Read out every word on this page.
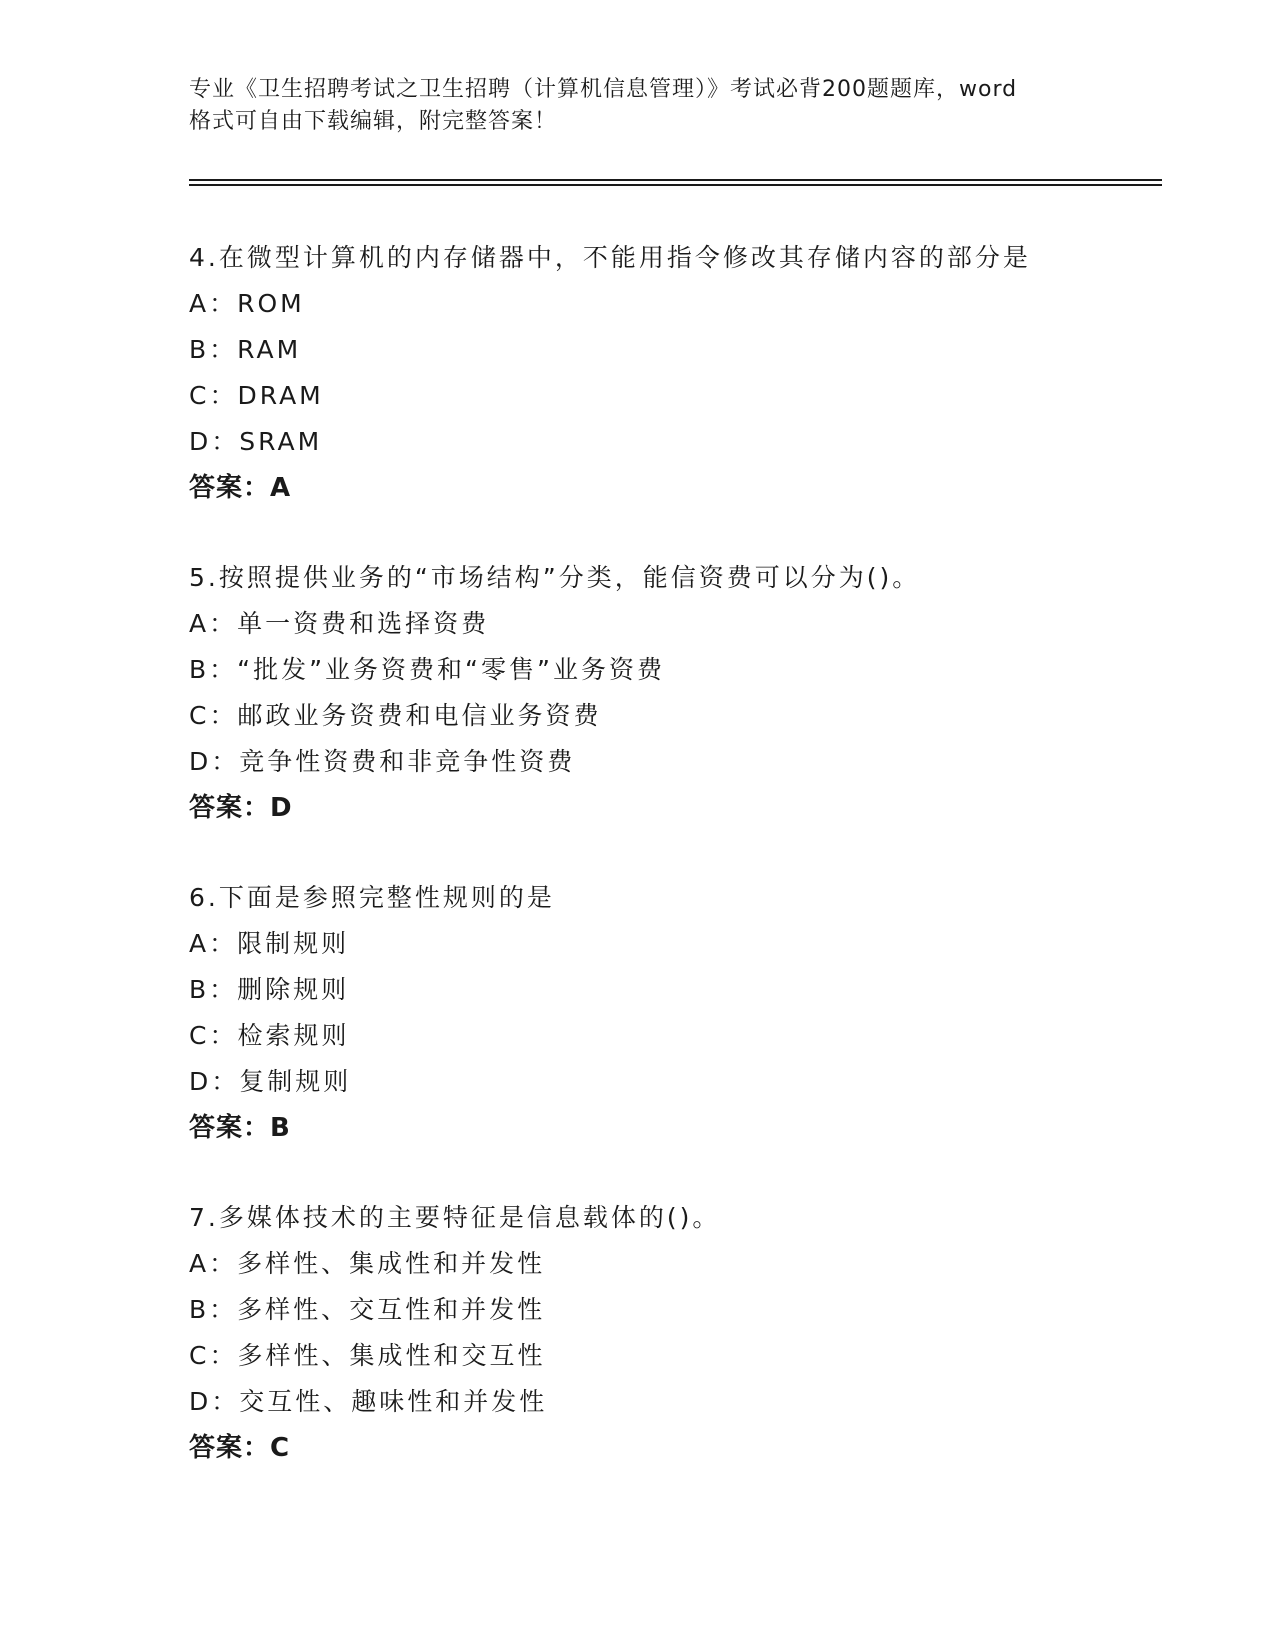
专业《卫生招聘考试之卫生招聘（计算机信息管理）》考试必背200题题库，word
格式可自由下载编辑，附完整答案！
4.在微型计算机的内存储器中，不能用指令修改其存储内容的部分是
A：ROM
B：RAM
C：DRAM
D：SRAM
答案：A
5.按照提供业务的“市场结构”分类，能信资费可以分为()。
A：单一资费和选择资费
B：“批发”业务资费和“零售”业务资费
C：邮政业务资费和电信业务资费
D：竞争性资费和非竞争性资费
答案：D
6.下面是参照完整性规则的是
A：限制规则
B：删除规则
C：检索规则
D：复制规则
答案：B
7.多媒体技术的主要特征是信息载体的()。
A：多样性、集成性和并发性
B：多样性、交互性和并发性
C：多样性、集成性和交互性
D：交互性、趣味性和并发性
答案：C
